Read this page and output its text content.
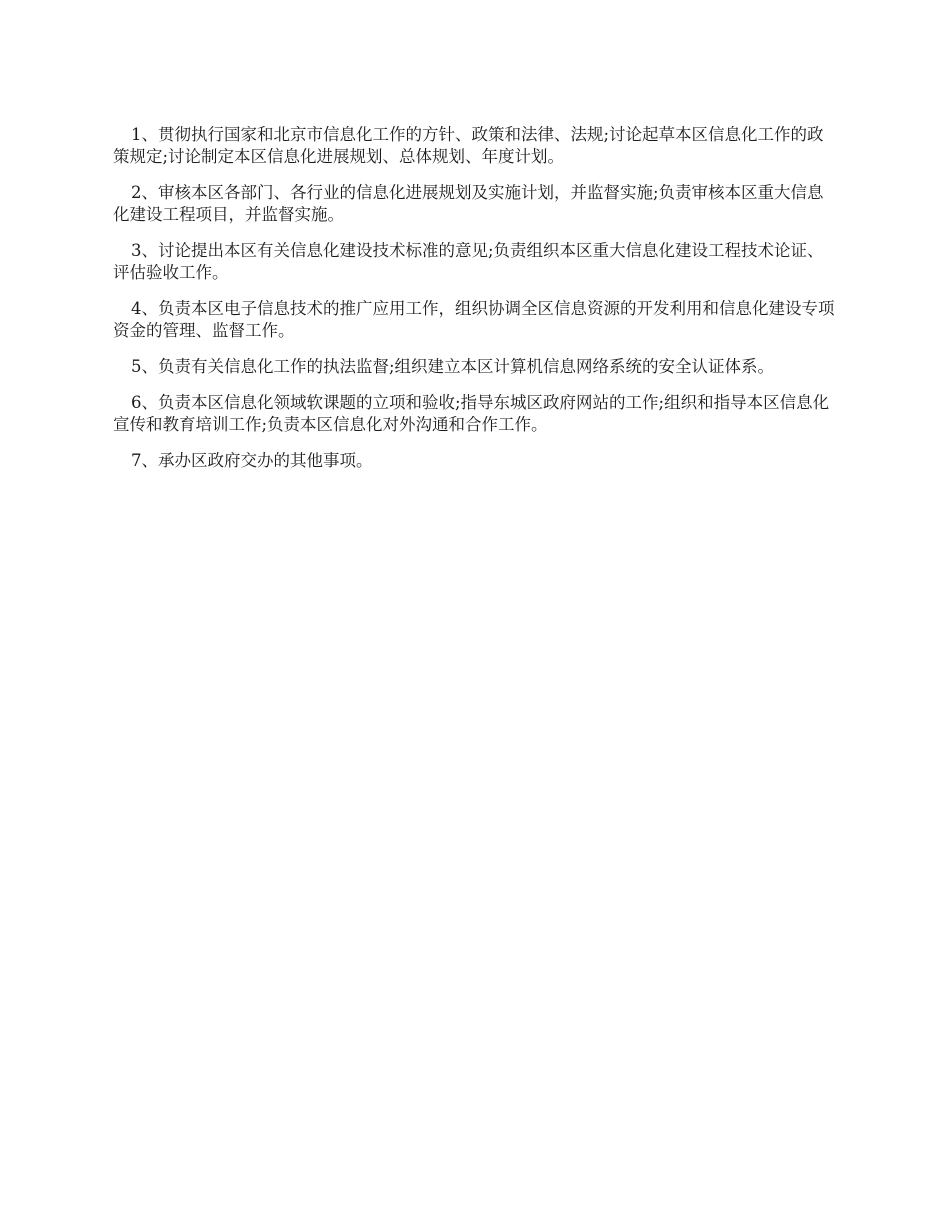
1、贯彻执行国家和北京市信息化工作的方针、政策和法律、法规;讨论起草本区信息化工作的政策规定;讨论制定本区信息化进展规划、总体规划、年度计划。

2、审核本区各部门、各行业的信息化进展规划及实施计划，并监督实施;负责审核本区重大信息化建设工程项目，并监督实施。

3、讨论提出本区有关信息化建设技术标准的意见;负责组织本区重大信息化建设工程技术论证、评估验收工作。

4、负责本区电子信息技术的推广应用工作，组织协调全区信息资源的开发利用和信息化建设专项资金的管理、监督工作。

5、负责有关信息化工作的执法监督;组织建立本区计算机信息网络系统的安全认证体系。

6、负责本区信息化领域软课题的立项和验收;指导东城区政府网站的工作;组织和指导本区信息化宣传和教育培训工作;负责本区信息化对外沟通和合作工作。

7、承办区政府交办的其他事项。
